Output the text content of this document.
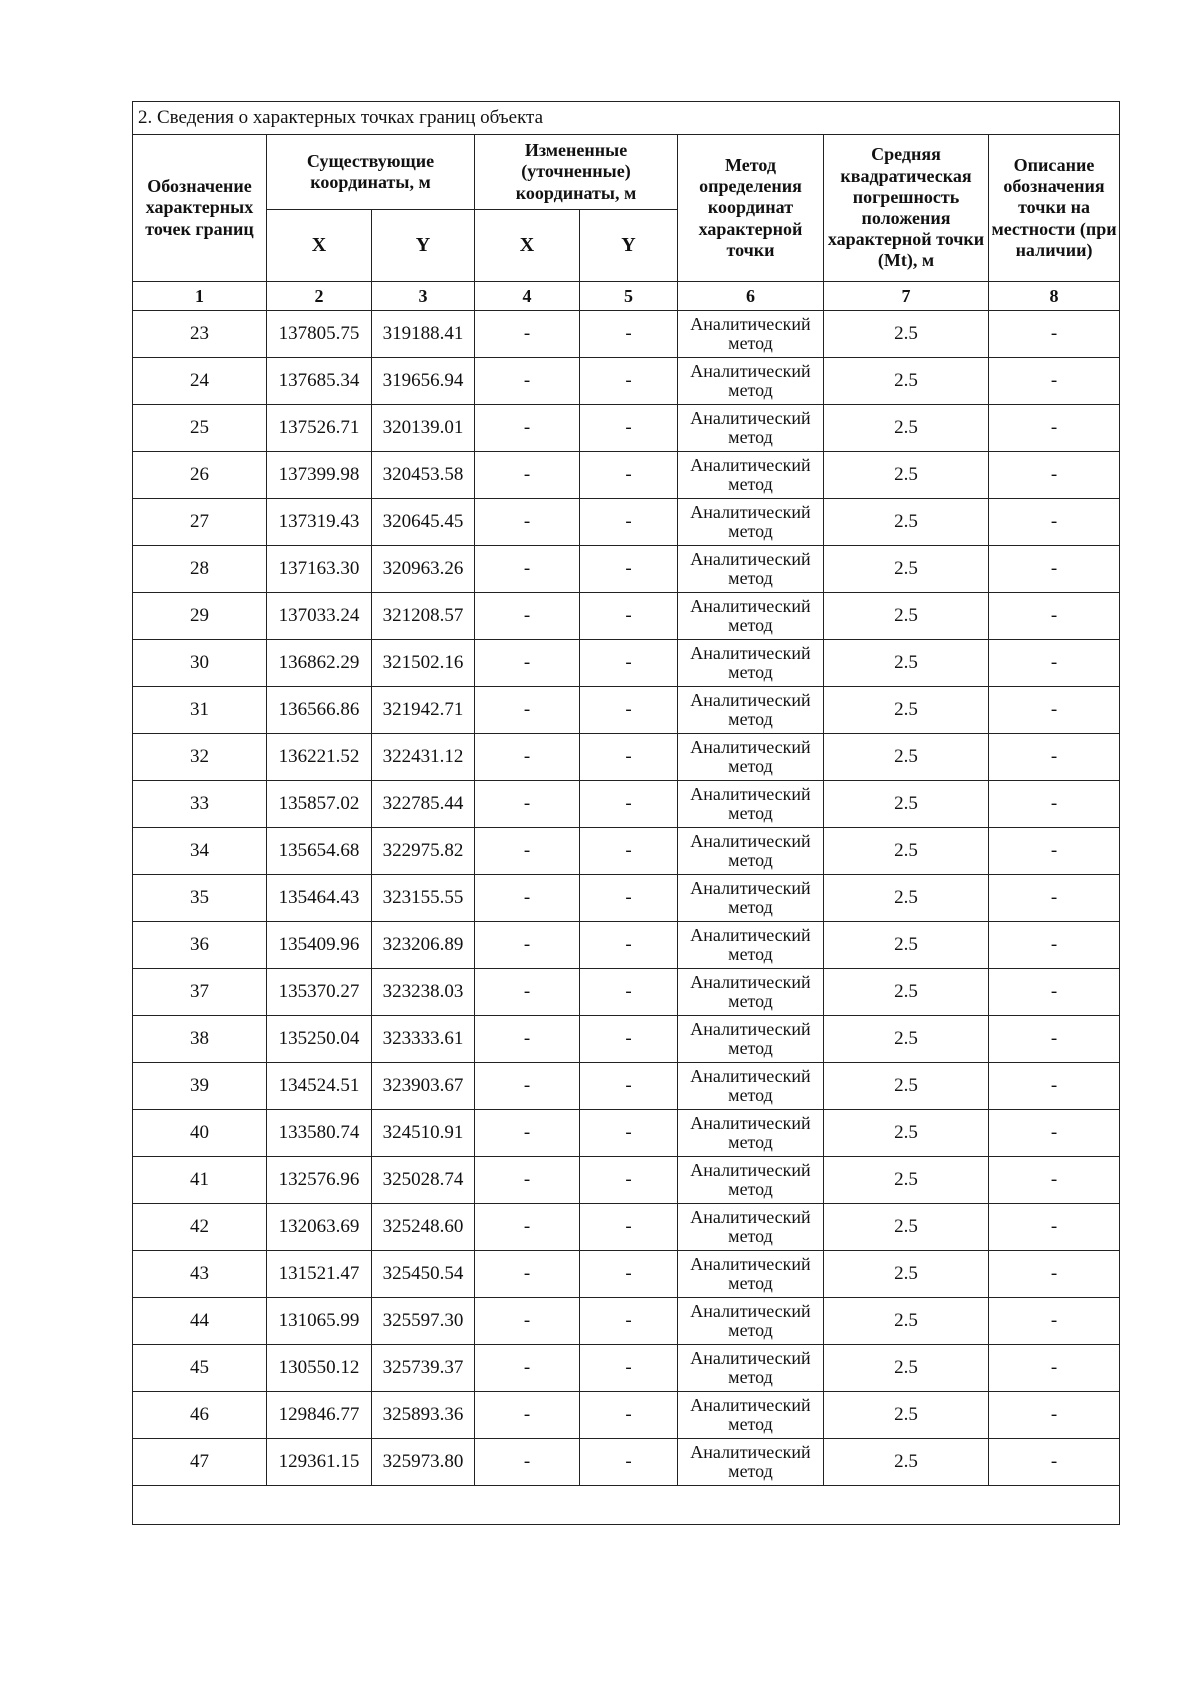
2. Сведения о характерных точках границ объекта							
Обозначение характерных точек границ	Существующие координаты, м		Измененные (уточненные) координаты, м		Метод определения координат характерной точки	Средняя квадратическая погрешность положения характерной точки (Mt), м	Описание обозначения точки на местности (при наличии)
	X	Y	X	Y			
1	2	3	4	5	6	7	8
23	137805.75	319188.41	-	-	Аналитический метод	2.5	-
24	137685.34	319656.94	-	-	Аналитический метод	2.5	-
25	137526.71	320139.01	-	-	Аналитический метод	2.5	-
26	137399.98	320453.58	-	-	Аналитический метод	2.5	-
27	137319.43	320645.45	-	-	Аналитический метод	2.5	-
28	137163.30	320963.26	-	-	Аналитический метод	2.5	-
29	137033.24	321208.57	-	-	Аналитический метод	2.5	-
30	136862.29	321502.16	-	-	Аналитический метод	2.5	-
31	136566.86	321942.71	-	-	Аналитический метод	2.5	-
32	136221.52	322431.12	-	-	Аналитический метод	2.5	-
33	135857.02	322785.44	-	-	Аналитический метод	2.5	-
34	135654.68	322975.82	-	-	Аналитический метод	2.5	-
35	135464.43	323155.55	-	-	Аналитический метод	2.5	-
36	135409.96	323206.89	-	-	Аналитический метод	2.5	-
37	135370.27	323238.03	-	-	Аналитический метод	2.5	-
38	135250.04	323333.61	-	-	Аналитический метод	2.5	-
39	134524.51	323903.67	-	-	Аналитический метод	2.5	-
40	133580.74	324510.91	-	-	Аналитический метод	2.5	-
41	132576.96	325028.74	-	-	Аналитический метод	2.5	-
42	132063.69	325248.60	-	-	Аналитический метод	2.5	-
43	131521.47	325450.54	-	-	Аналитический метод	2.5	-
44	131065.99	325597.30	-	-	Аналитический метод	2.5	-
45	130550.12	325739.37	-	-	Аналитический метод	2.5	-
46	129846.77	325893.36	-	-	Аналитический метод	2.5	-
47	129361.15	325973.80	-	-	Аналитический метод	2.5	-
